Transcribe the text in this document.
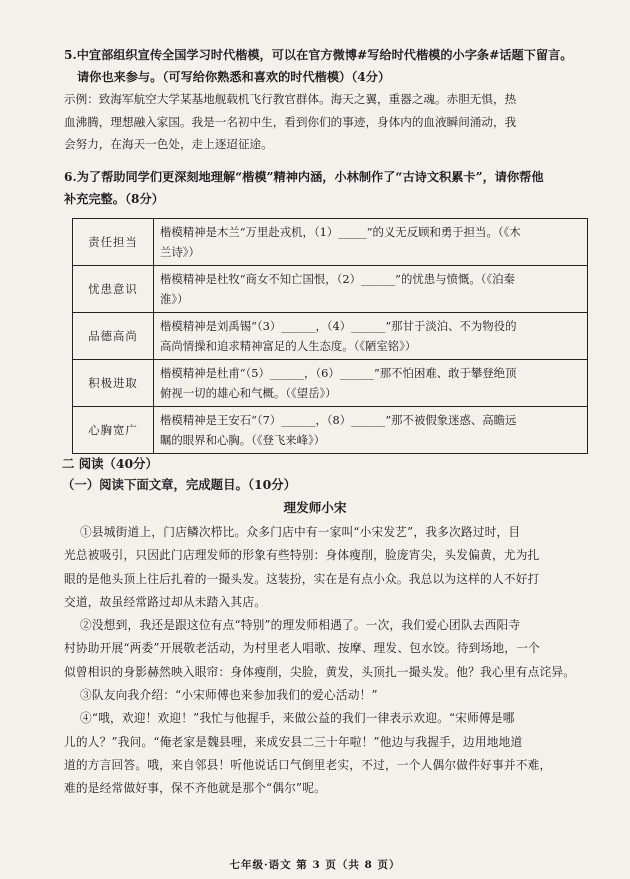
5.中宜部组织宣传全国学习时代楷模，可以在官方微博#写给时代楷模的小字条#话题下留言。
请你也来参与。（可写给你熟悉和喜欢的时代楷模）（4分）
示例：致海军航空大学某基地舰载机飞行教官群体。海天之翼，重器之魂。赤胆无惧，热
血沸腾，理想融入家国。我是一名初中生，看到你们的事迹，身体内的血液瞬间涌动，我
会努力，在海天一色处，走上逐迢征途。
6.为了帮助同学们更深刻地理解“楷模”精神内涵，小林制作了“古诗文积累卡”，请你帮他
补充完整。（8分）
责任担当	楷模精神是木兰“万里赴戎机，（1）_____”的义无反顾和勇于担当。（《木
兰诗》）

忧患意识	楷模精神是杜牧“商女不知亡国恨，（2）______”的忧患与愤慨。（《泊秦
淮》）

品德高尚	楷模精神是刘禹锡“（3）______，（4）______”那甘于淡泊、不为物役的
高尚情操和追求精神富足的人生态度。（《陋室铭》）

积极进取	楷模精神是杜甫“（5）______，（6）______”那不怕困难、敢于攀登绝顶
俯视一切的雄心和气概。（《望岳》）

心胸宽广	楷模精神是王安石“（7）______，（8）______”那不被假象迷惑、高瞻远
瞩的眼界和心胸。（《登飞来峰》）
二 阅读（40分）
（一）阅读下面文章，完成题目。（10分）
理发师小宋
①县城街道上，门店鳞次栉比。众多门店中有一家叫“小宋发艺”，我多次路过时，目
光总被吸引，只因此门店理发师的形象有些特别：身体瘦削，脸庞宵尖，头发偏黄，尤为扎
眼的是他头顶上往后扎着的一撮头发。这装扮，实在是有点小众。我总以为这样的人不好打
交道，故虽经常路过却从未踏入其店。
②没想到，我还是跟这位有点“特别”的理发师相遇了。一次，我们爱心团队去西阳寺
村协助开展“两委”开展敬老活动，为村里老人唱歌、按摩、理发、包水饺。待到场地，一个
似曾相识的身影赫然映入眼帘：身体瘦削，尖脸，黄发，头顶扎一撮头发。他？我心里有点诧异。
③队友向我介绍：“小宋师傅也来参加我们的爱心活动！”
④“哦，欢迎！欢迎！”我忙与他握手，来做公益的我们一律表示欢迎。“宋师傅是哪
儿的人？”我问。“俺老家是魏县哩，来成安县二三十年啦！”他边与我握手，边用地地道
道的方言回答。哦，来自邻县！听他说话口气倒里老实，不过，一个人偶尔做件好事并不难，
难的是经常做好事，保不齐他就是那个“偶尔”呢。
七年级·语文 第 3 页（共 8 页）
